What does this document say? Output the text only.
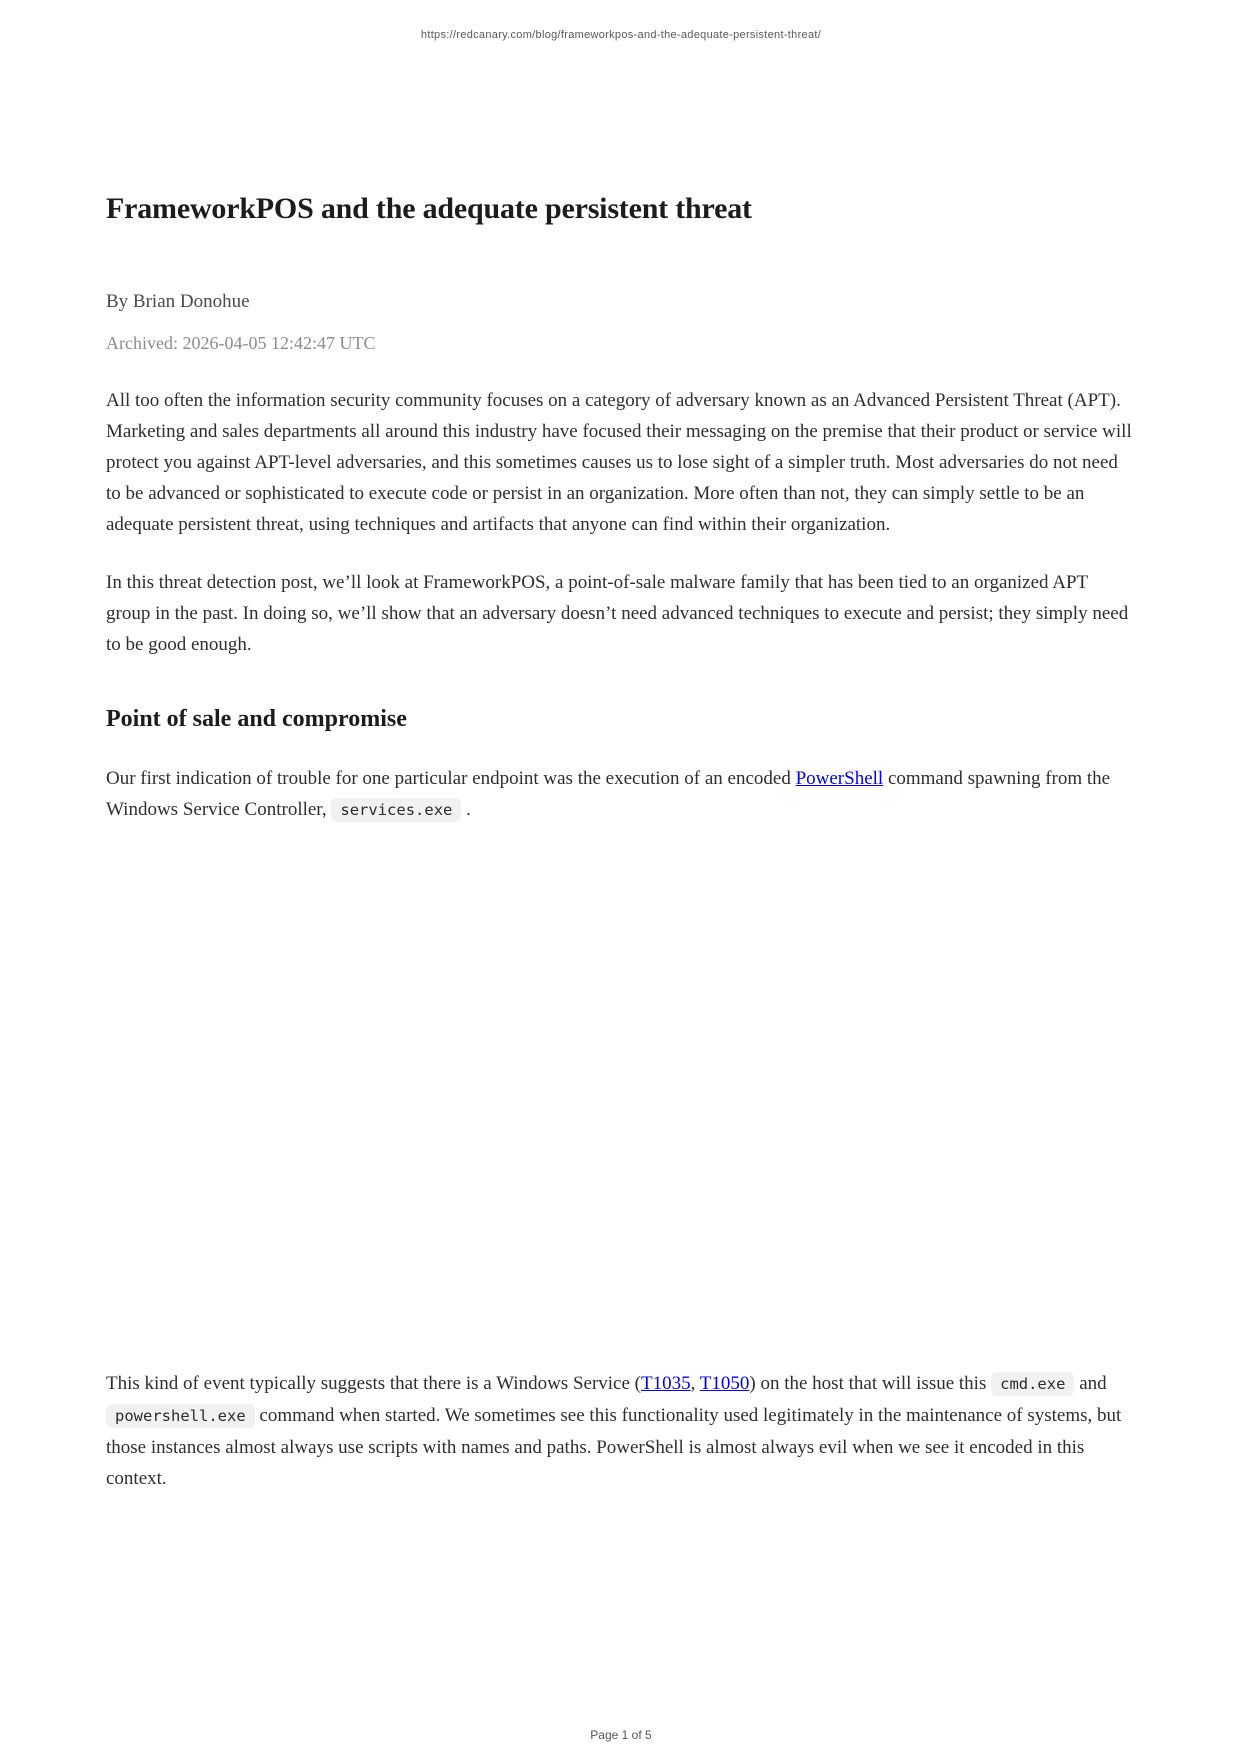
https://redcanary.com/blog/frameworkpos-and-the-adequate-persistent-threat/
FrameworkPOS and the adequate persistent threat
By Brian Donohue
Archived: 2026-04-05 12:42:47 UTC

All too often the information security community focuses on a category of adversary known as an Advanced Persistent Threat (APT). Marketing and sales departments all around this industry have focused their messaging on the premise that their product or service will protect you against APT-level adversaries, and this sometimes causes us to lose sight of a simpler truth. Most adversaries do not need to be advanced or sophisticated to execute code or persist in an organization. More often than not, they can simply settle to be an adequate persistent threat, using techniques and artifacts that anyone can find within their organization.

In this threat detection post, we’ll look at FrameworkPOS, a point-of-sale malware family that has been tied to an organized APT group in the past. In doing so, we’ll show that an adversary doesn’t need advanced techniques to execute and persist; they simply need to be good enough.

Point of sale and compromise

Our first indication of trouble for one particular endpoint was the execution of an encoded PowerShell command spawning from the Windows Service Controller, services.exe .

This kind of event typically suggests that there is a Windows Service (T1035, T1050) on the host that will issue this cmd.exe and powershell.exe command when started. We sometimes see this functionality used legitimately in the maintenance of systems, but those instances almost always use scripts with names and paths. PowerShell is almost always evil when we see it encoded in this context.

Page 1 of 5
